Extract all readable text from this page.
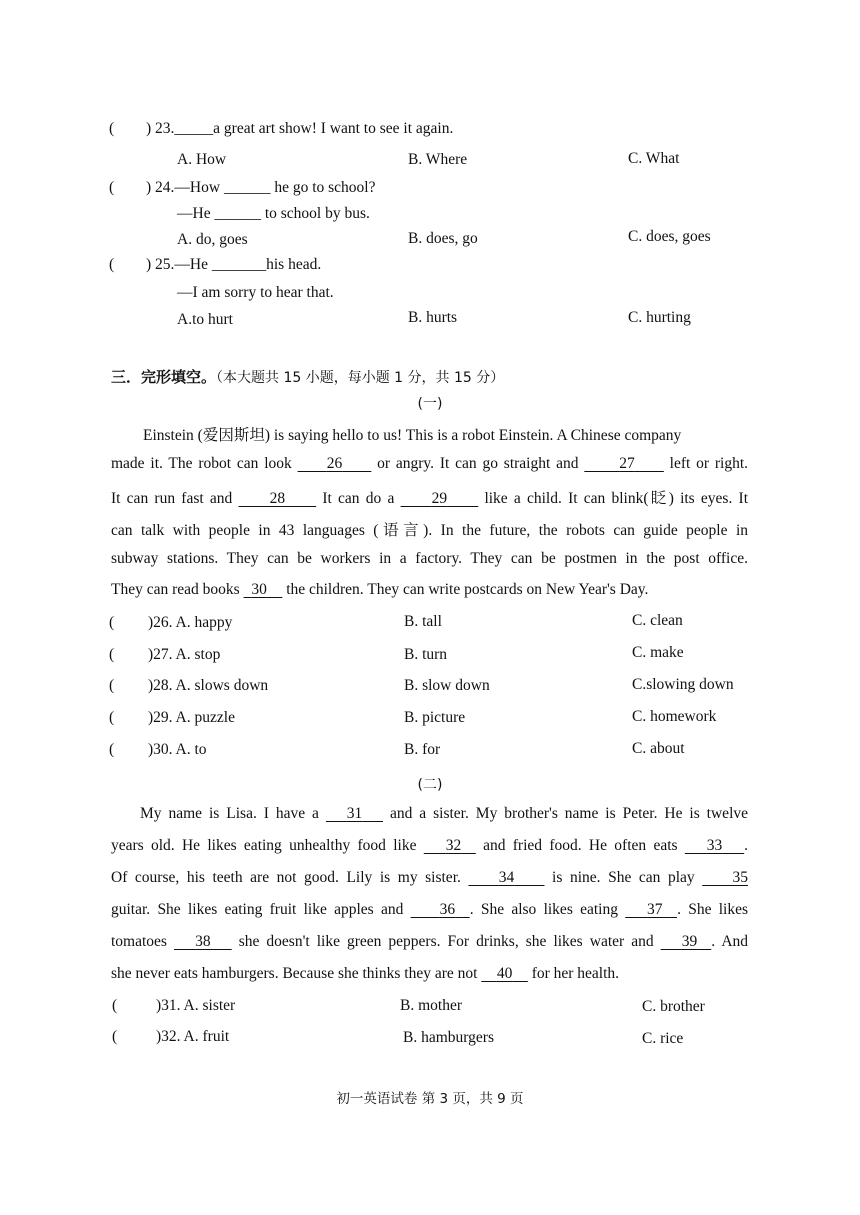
( ) 23._____a great art show! I want to see it again.
A. How	B. Where	C. What
( ) 24.—How ______ he go to school?
—He ______ to school by bus.
A. do, goes	B. does, go	C. does, goes
( ) 25.—He _______his head.
—I am sorry to hear that.
A.to hurt	B. hurts	C. hurting
三．完形填空。（本大题共 15 小题，每小题 1 分，共 15 分）
(一)
Einstein (爱因斯坦) is saying hello to us! This is a robot Einstein. A Chinese company
made it. The robot can look      26      or angry. It can go straight and       27      left or right.
It can run fast and      28      It can do a      29      like a child. It can blink(眨) its eyes. It
can talk with people in 43 languages (语言). In the future, the robots can guide people in
subway stations. They can be workers in a factory. They can be postmen in the post office.
They can read books   30     the children. They can write postcards on New Year's Day.
( )26. A. happy	B. tall	C. clean
( )27. A. stop	B. turn	C. make
( )28. A. slows down	B. slow down	C.slowing down
( )29. A. puzzle	B. picture	C. homework
( )30. A. to	B. for	C. about
(二)
My name is Lisa. I have a    31    and a sister. My brother's name is Peter. He is twelve
years old. He likes eating unhealthy food like    32   and fried food. He often eats    33 .
Of course, his teeth are not good. Lily is my sister.     34     is nine. She can play     35
guitar. She likes eating fruit like apples and     36 . She also likes eating    37 . She likes
tomatoes    38    she doesn't like green peppers. For drinks, she likes water and    39 . And
she never eats hamburgers. Because she thinks they are not     40     for her health.
(	)31. A. sister	B. mother	C. brother
(	)32. A. fruit	B. hamburgers	C. rice
初一英语试卷 第 3 页，共 9 页
